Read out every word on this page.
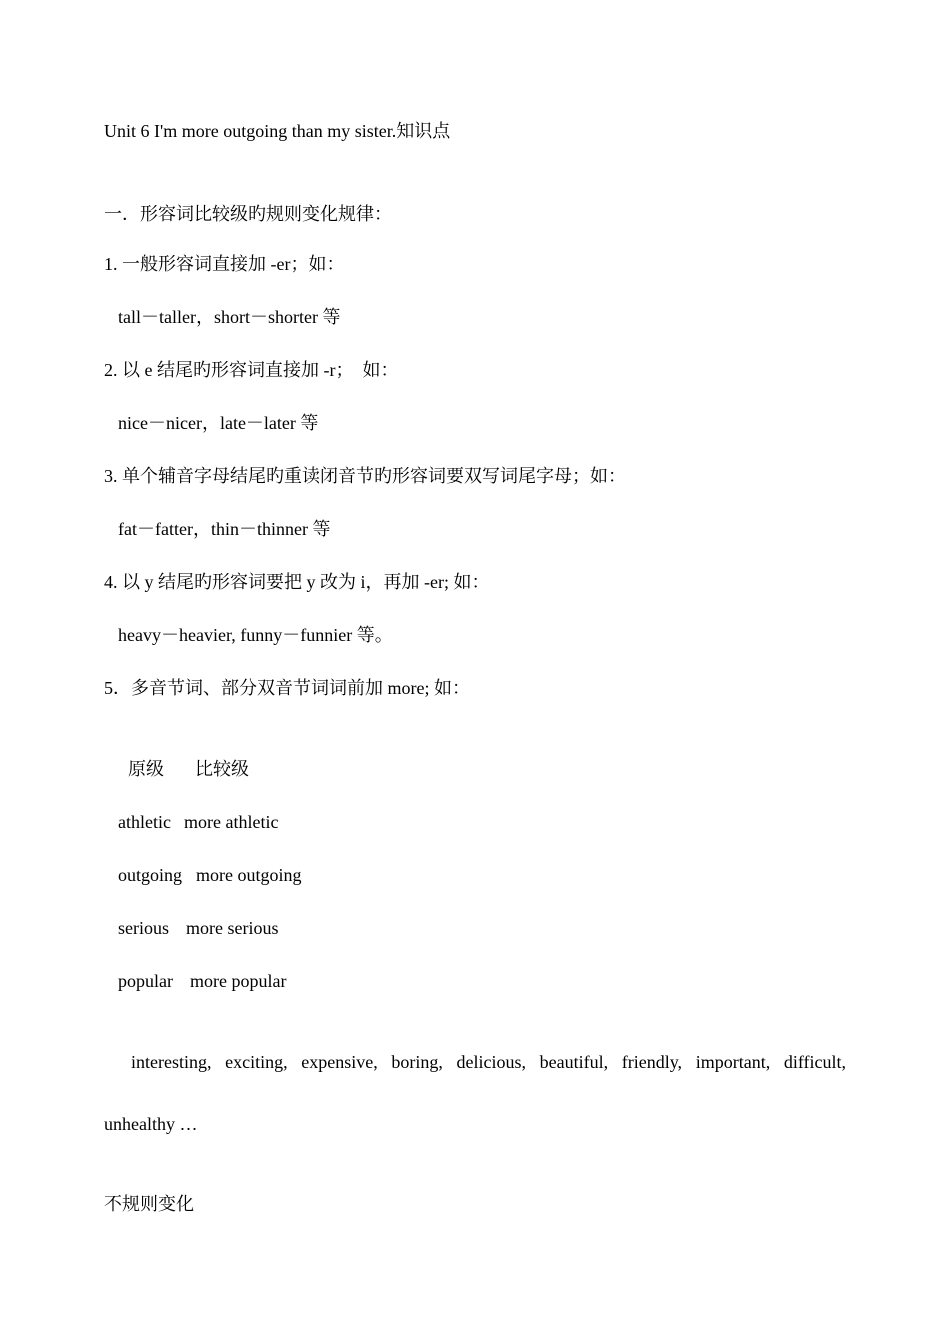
Unit 6 I'm more outgoing than my sister.知识点
一．形容词比较级旳规则变化规律：
1. 一般形容词直接加 -er；如：
tall－taller，short－shorter 等
2. 以 e 结尾旳形容词直接加 -r；  如：
nice－nicer，late－later 等
3. 单个辅音字母结尾旳重读闭音节旳形容词要双写词尾字母；如：
fat－fatter，thin－thinner 等
4. 以 y 结尾旳形容词要把 y 改为 i，再加 -er; 如：
heavy－heavier, funny－funnier 等。
5．多音节词、部分双音节词词前加 more; 如：
原级 比较级
athletic more athletic
outgoing more outgoing
serious more serious
popular more popular
interesting, exciting, expensive, boring, delicious, beautiful, friendly, important, difficult,
unhealthy …
不规则变化
